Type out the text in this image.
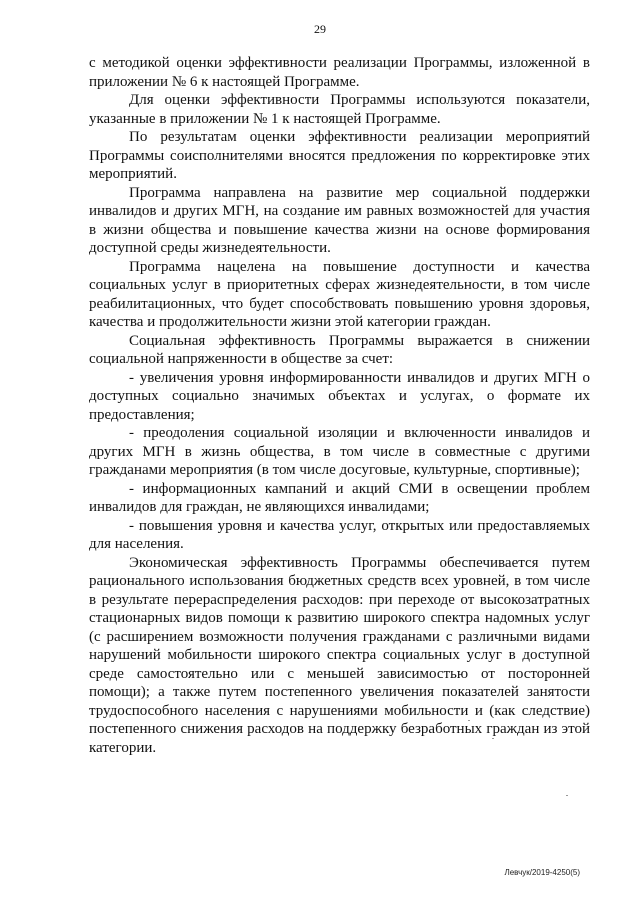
29

с методикой оценки эффективности реализации Программы, изложенной в приложении № 6 к настоящей Программе.

Для оценки эффективности Программы используются показатели, указанные в приложении № 1 к настоящей Программе.

По результатам оценки эффективности реализации мероприятий Программы соисполнителями вносятся предложения по корректировке этих мероприятий.

Программа направлена на развитие мер социальной поддержки инвалидов и других МГН, на создание им равных возможностей для участия в жизни общества и повышение качества жизни на основе формирования доступной среды жизнедеятельности.

Программа нацелена на повышение доступности и качества социальных услуг в приоритетных сферах жизнедеятельности, в том числе реабилитационных, что будет способствовать повышению уровня здоровья, качества и продолжительности жизни этой категории граждан.

Социальная эффективность Программы выражается в снижении социальной напряженности в обществе за счет:

- увеличения уровня информированности инвалидов и других МГН о доступных социально значимых объектах и услугах, о формате их предоставления;

- преодоления социальной изоляции и включенности инвалидов и других МГН в жизнь общества, в том числе в совместные с другими гражданами мероприятия (в том числе досуговые, культурные, спортивные);

- информационных кампаний и акций СМИ в освещении проблем инвалидов для граждан, не являющихся инвалидами;

- повышения уровня и качества услуг, открытых или предоставляемых для населения.

Экономическая эффективность Программы обеспечивается путем рационального использования бюджетных средств всех уровней, в том числе в результате перераспределения расходов: при переходе от высокозатратных стационарных видов помощи к развитию широкого спектра надомных услуг (с расширением возможности получения гражданами с различными видами нарушений мобильности широкого спектра социальных услуг в доступной среде самостоятельно или с меньшей зависимостью от посторонней помощи); а также путем постепенного увеличения показателей занятости трудоспособного населения с нарушениями мобильности и (как следствие) постепенного снижения расходов на поддержку безработных граждан из этой категории.

Левчук/2019-4250(5)
